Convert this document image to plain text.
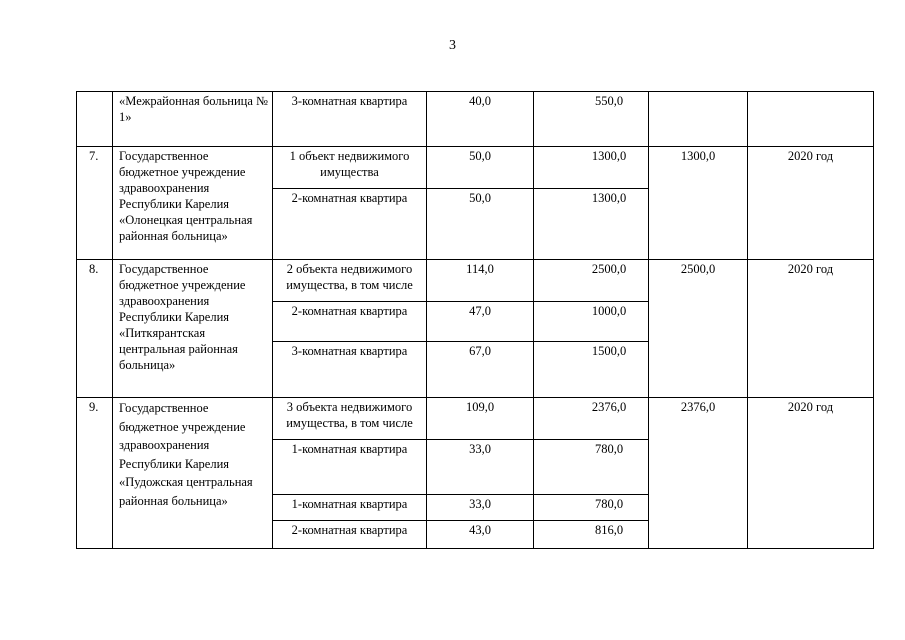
3
	«Межрайонная больница № 1»	3-комнатная квартира	40,0	550,0		
7.	Государственное бюджетное учреждение здравоохранения Республики Карелия «Олонецкая центральная районная больница»	1 объект недвижимого имущества	50,0	1300,0	1300,0	2020 год
		2-комнатная квартира	50,0	1300,0		
8.	Государственное бюджетное учреждение здравоохранения Республики Карелия «Питкярантская центральная районная больница»	2 объекта недвижимого имущества, в том числе	114,0	2500,0	2500,0	2020 год
		2-комнатная квартира	47,0	1000,0		
		3-комнатная квартира	67,0	1500,0		
9.	Государственное бюджетное учреждение здравоохранения Республики Карелия «Пудожская центральная районная больница»	3 объекта недвижимого имущества, в том числе	109,0	2376,0	2376,0	2020 год
		1-комнатная квартира	33,0	780,0		
		1-комнатная квартира	33,0	780,0		
		2-комнатная квартира	43,0	816,0		
